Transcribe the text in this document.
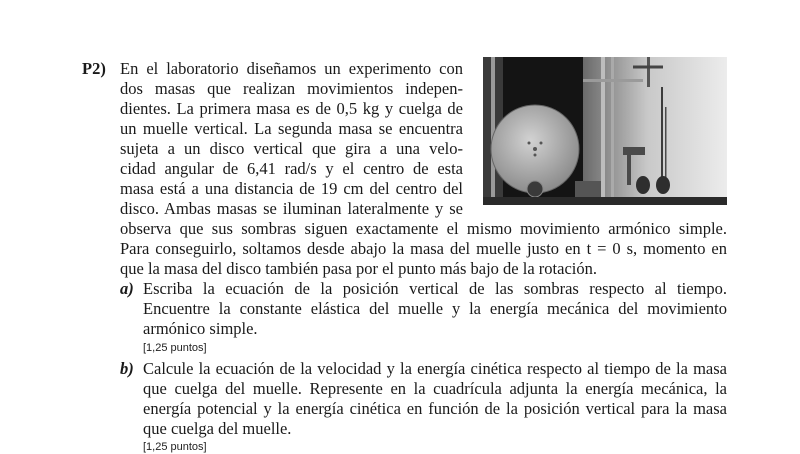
P2) En el laboratorio diseñamos un experimento con
dos masas que realizan movimientos indepen-
dientes. La primera masa es de 0,5 kg y cuelga de
un muelle vertical. La segunda masa se encuentra
sujeta a un disco vertical que gira a una velo-
cidad angular de 6,41 rad/s y el centro de esta
masa está a una distancia de 19 cm del centro del
disco. Ambas masas se iluminan lateralmente y se
observa que sus sombras siguen exactamente el mismo movimiento armónico simple.
Para conseguirlo, soltamos desde abajo la masa del muelle justo en t = 0 s, momento en
que la masa del disco también pasa por el punto más bajo de la rotación.
a) Escriba la ecuación de la posición vertical de las sombras respecto al tiempo.
Encuentre la constante elástica del muelle y la energía mecánica del movimiento
armónico simple.
[1,25 puntos]
b) Calcule la ecuación de la velocidad y la energía cinética respecto al tiempo de la masa
que cuelga del muelle. Represente en la cuadrícula adjunta la energía mecánica, la
energía potencial y la energía cinética en función de la posición vertical para la masa
que cuelga del muelle.
[1,25 puntos]
